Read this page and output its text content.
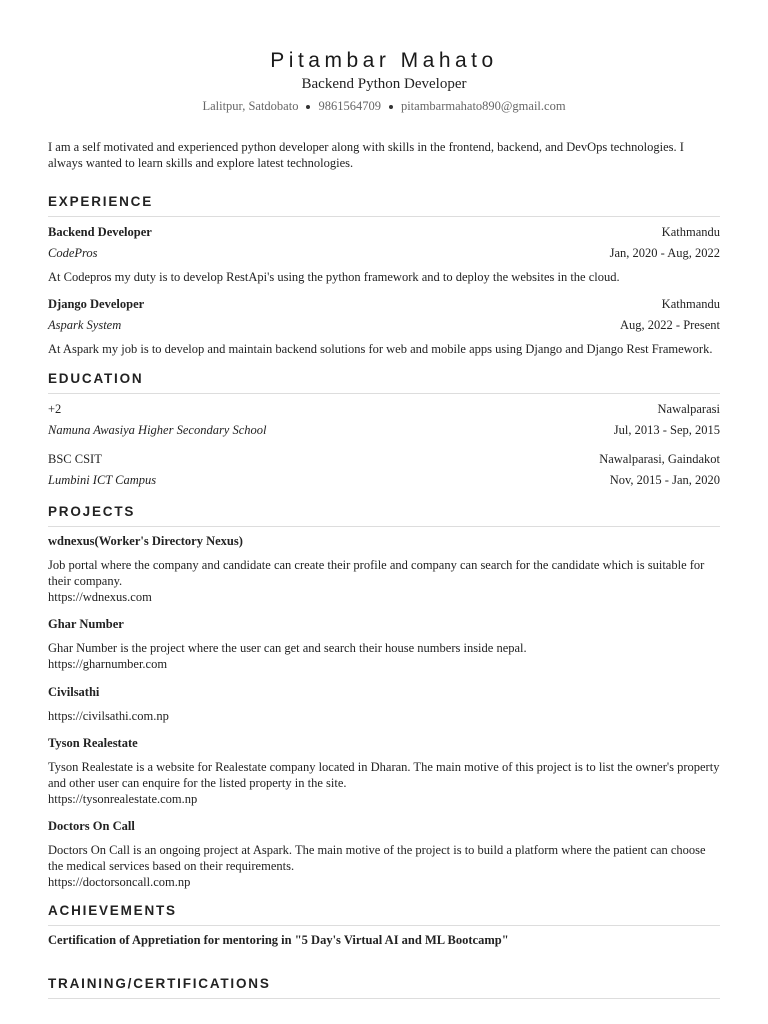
Pitambar Mahato
Backend Python Developer
Lalitpur, Satdobato 9861564709 pitambarmahato890@gmail.com
I am a self motivated and experienced python developer along with skills in the frontend, backend, and DevOps technologies. I always wanted to learn skills and explore latest technologies.
EXPERIENCE
Backend Developer	Kathmandu
CodePros	Jan, 2020 - Aug, 2022
At Codepros my duty is to develop RestApi's using the python framework and to deploy the websites in the cloud.
Django Developer	Kathmandu
Aspark System	Aug, 2022 - Present
At Aspark my job is to develop and maintain backend solutions for web and mobile apps using Django and Django Rest Framework.
EDUCATION
+2	Nawalparasi
Namuna Awasiya Higher Secondary School	Jul, 2013 - Sep, 2015
BSC CSIT	Nawalparasi, Gaindakot
Lumbini ICT Campus	Nov, 2015 - Jan, 2020
PROJECTS
wdnexus(Worker's Directory Nexus)
Job portal where the company and candidate can create their profile and company can search for the candidate which is suitable for their company.
https://wdnexus.com
Ghar Number
Ghar Number is the project where the user can get and search their house numbers inside nepal.
https://gharnumber.com
Civilsathi
https://civilsathi.com.np
Tyson Realestate
Tyson Realestate is a website for Realestate company located in Dharan. The main motive of this project is to list the owner's property and other user can enquire for the listed property in the site.
https://tysonrealestate.com.np
Doctors On Call
Doctors On Call is an ongoing project at Aspark. The main motive of the project is to build a platform where the patient can choose the medical services based on their requirements.
https://doctorsoncall.com.np
ACHIEVEMENTS
Certification of Appretiation for mentoring in "5 Day's Virtual AI and ML Bootcamp"
TRAINING/CERTIFICATIONS
